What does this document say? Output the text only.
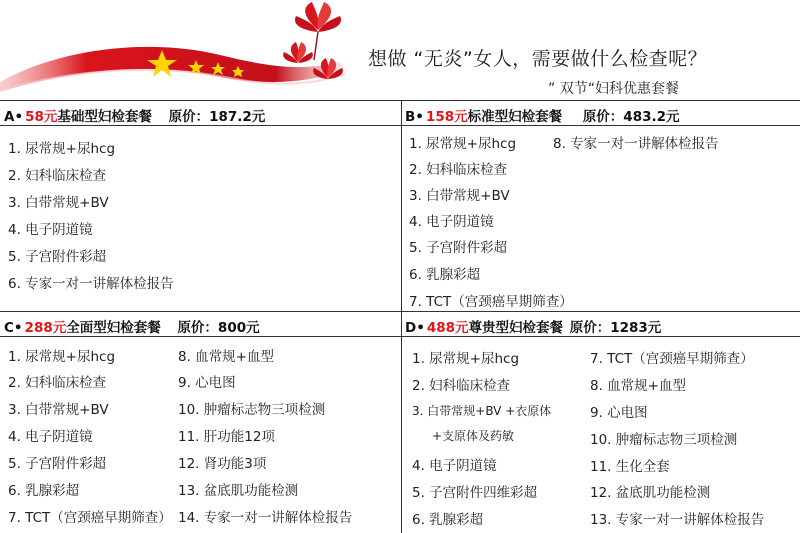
想做 “无炎”女人，需要做什么检查呢？
” 双节“妇科优惠套餐
A• 58元基础型妇检套餐 原价：187.2元
1. 尿常规+尿hcg
2. 妇科临床检查
3. 白带常规+BV
4. 电子阴道镜
5. 子宫附件彩超
6. 专家一对一讲解体检报告
B• 158元标准型妇检套餐 原价：483.2元
1. 尿常规+尿hcg
2. 妇科临床检查
3. 白带常规+BV
4. 电子阴道镜
5. 子宫附件彩超
6. 乳腺彩超
7. TCT（宫颈癌早期筛查）
8. 专家一对一讲解体检报告
C• 288元全面型妇检套餐 原价：800元
1. 尿常规+尿hcg
2. 妇科临床检查
3. 白带常规+BV
4. 电子阴道镜
5. 子宫附件彩超
6. 乳腺彩超
7. TCT（宫颈癌早期筛查）
8. 血常规+血型
9. 心电图
10. 肿瘤标志物三项检测
11. 肝功能12项
12. 肾功能3项
13. 盆底肌功能检测
14. 专家一对一讲解体检报告
D• 488元尊贵型妇检套餐 原价：1283元
1. 尿常规+尿hcg
2. 妇科临床检查
3. 白带常规+BV +衣原体
+支原体及药敏
4. 电子阴道镜
5. 子宫附件四维彩超
6. 乳腺彩超
7. TCT（宫颈癌早期筛查）
8. 血常规+血型
9. 心电图
10. 肿瘤标志物三项检测
11. 生化全套
12. 盆底肌功能检测
13. 专家一对一讲解体检报告
